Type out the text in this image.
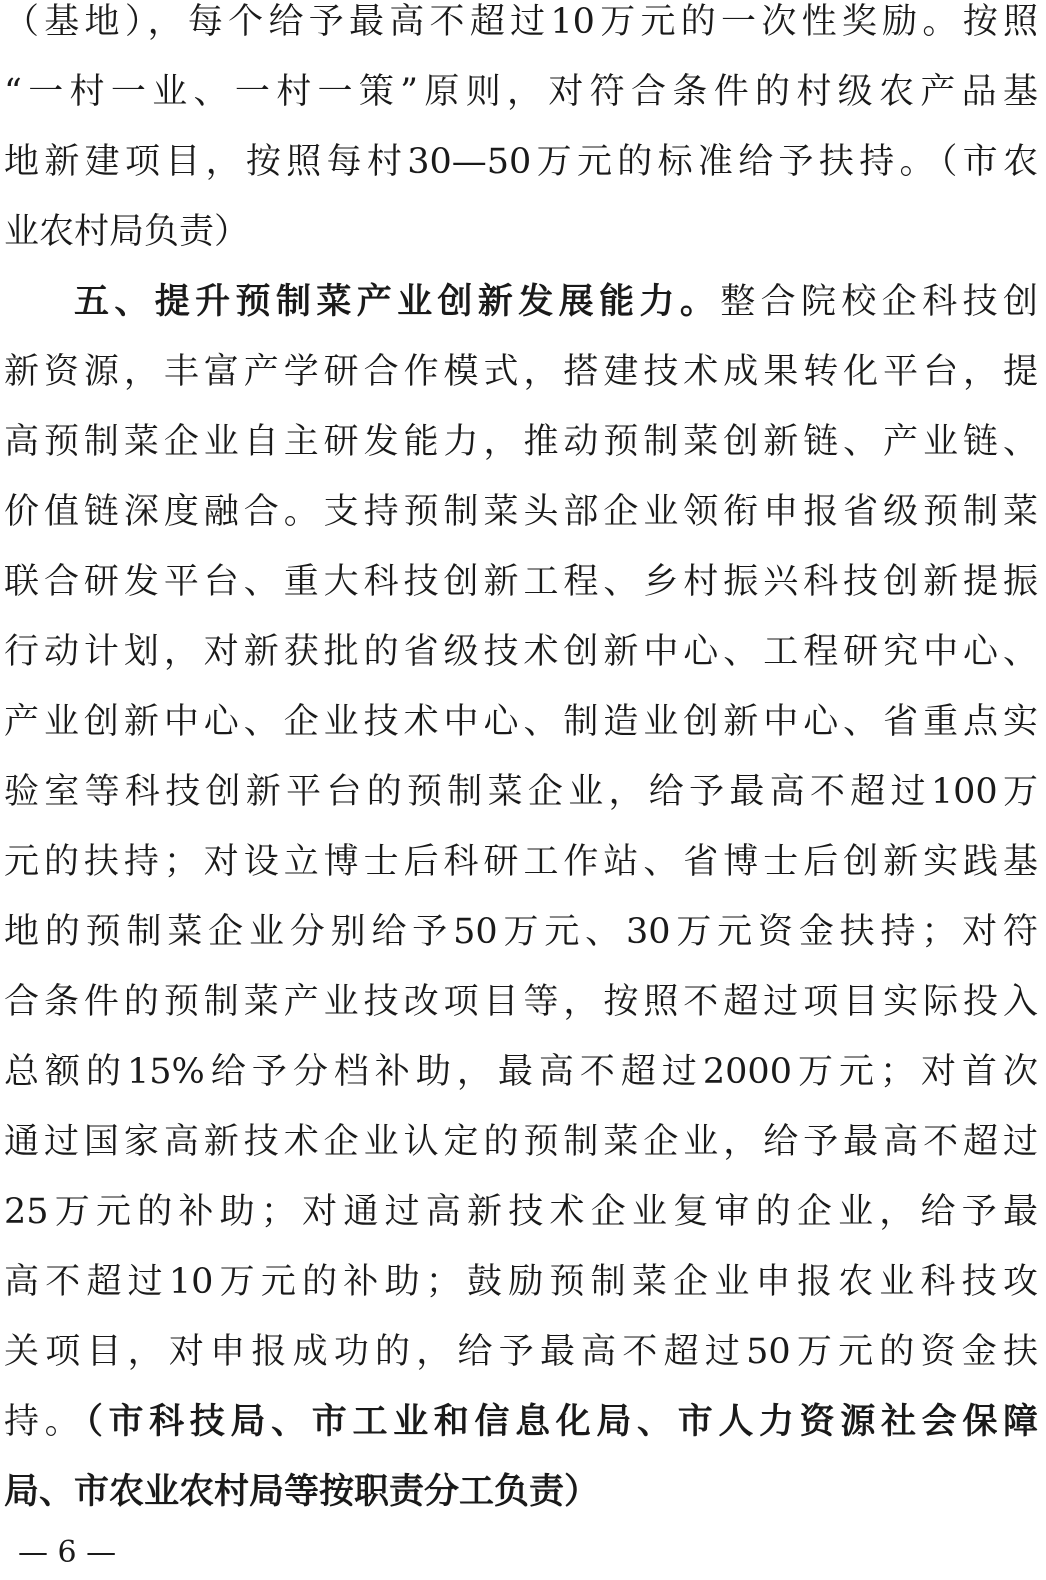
（基地），每个给予最高不超过10万元的一次性奖励。按照
“一村一业、一村一策”原则，对符合条件的村级农产品基
地新建项目，按照每村30—50万元的标准给予扶持。（市农
业农村局负责）
五、提升预制菜产业创新发展能力。整合院校企科技创
新资源，丰富产学研合作模式，搭建技术成果转化平台，提
高预制菜企业自主研发能力，推动预制菜创新链、产业链、
价值链深度融合。支持预制菜头部企业领衔申报省级预制菜
联合研发平台、重大科技创新工程、乡村振兴科技创新提振
行动计划，对新获批的省级技术创新中心、工程研究中心、
产业创新中心、企业技术中心、制造业创新中心、省重点实
验室等科技创新平台的预制菜企业，给予最高不超过100万
元的扶持；对设立博士后科研工作站、省博士后创新实践基
地的预制菜企业分别给予50万元、30万元资金扶持；对符
合条件的预制菜产业技改项目等，按照不超过项目实际投入
总额的15%给予分档补助，最高不超过2000万元；对首次
通过国家高新技术企业认定的预制菜企业，给予最高不超过
25万元的补助；对通过高新技术企业复审的企业，给予最
高不超过10万元的补助；鼓励预制菜企业申报农业科技攻
关项目，对申报成功的，给予最高不超过50万元的资金扶
持。（市科技局、市工业和信息化局、市人力资源社会保障
局、市农业农村局等按职责分工负责）
— 6 —
